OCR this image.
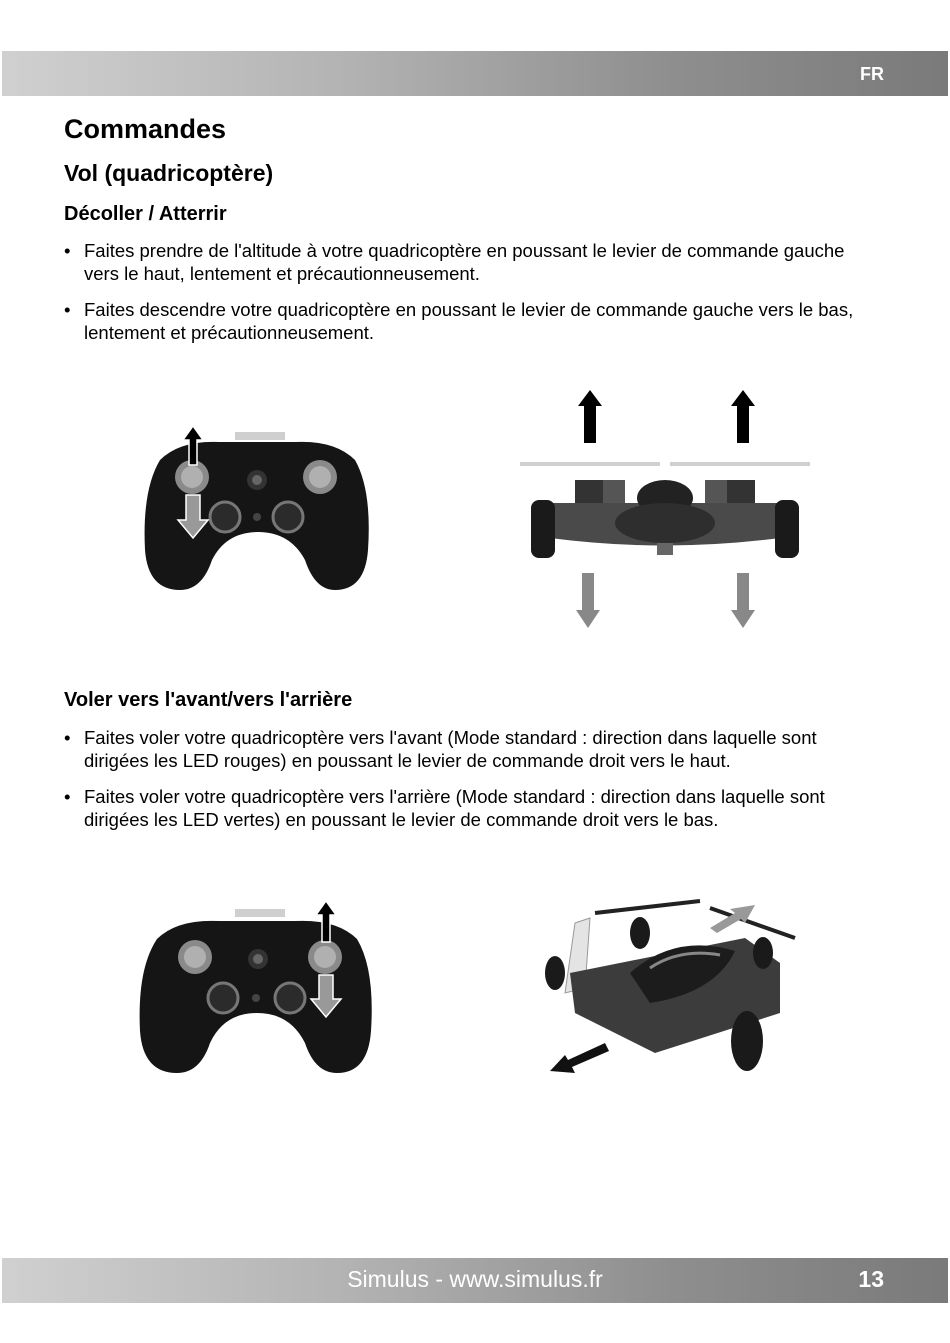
FR
Commandes
Vol (quadricoptère)
Décoller / Atterrir
• Faites prendre de l'altitude à votre quadricoptère en poussant le levier de commande gauche vers le haut, lentement et précautionneusement.
• Faites descendre votre quadricoptère en poussant le levier de commande gauche vers le bas, lentement et précautionneusement.
Voler vers l'avant/vers l'arrière
• Faites voler votre quadricoptère vers l'avant (Mode standard : direction dans laquelle sont dirigées les LED rouges) en poussant le levier de commande droit vers le haut.
• Faites voler votre quadricoptère vers l'arrière (Mode standard : direction dans laquelle sont dirigées les LED vertes) en poussant le levier de commande droit vers le bas.
Simulus - www.simulus.fr	13
